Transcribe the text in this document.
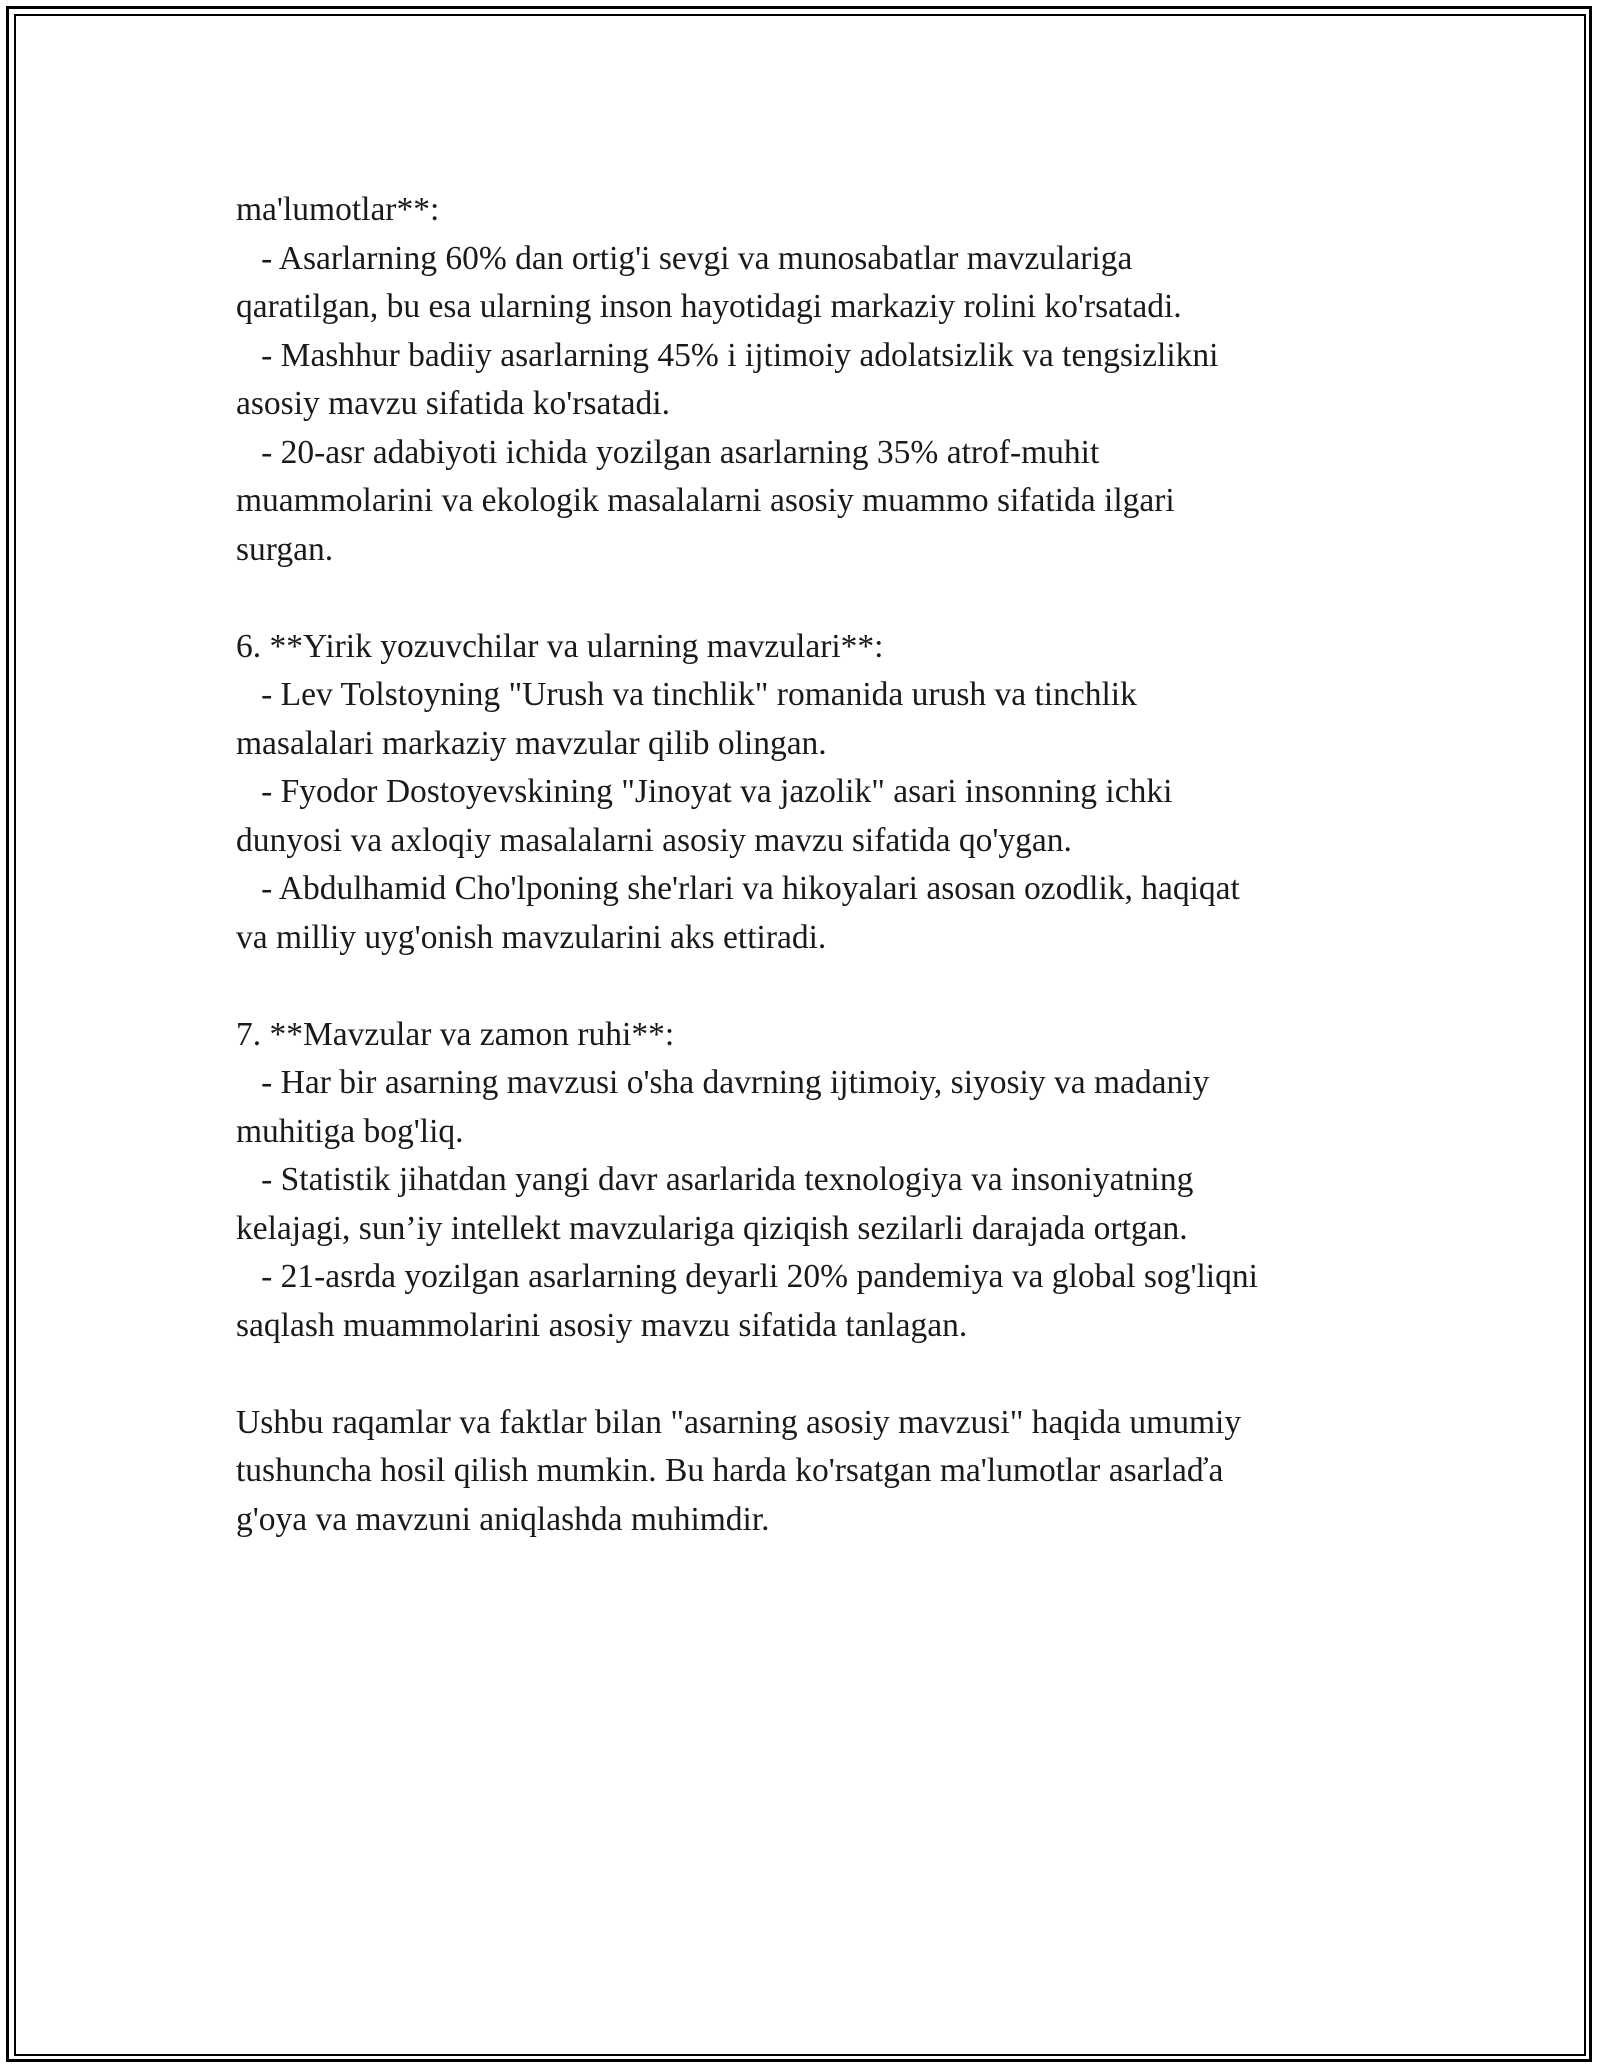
ma'lumotlar**:
- Asarlarning 60% dan ortig'i sevgi va munosabatlar mavzulariga
qaratilgan, bu esa ularning inson hayotidagi markaziy rolini ko'rsatadi.
- Mashhur badiiy asarlarning 45% i ijtimoiy adolatsizlik va tengsizlikni
asosiy mavzu sifatida ko'rsatadi.
- 20-asr adabiyoti ichida yozilgan asarlarning 35% atrof-muhit
muammolarini va ekologik masalalarni asosiy muammo sifatida ilgari
surgan.
6. **Yirik yozuvchilar va ularning mavzulari**:
- Lev Tolstoyning "Urush va tinchlik" romanida urush va tinchlik
masalalari markaziy mavzular qilib olingan.
- Fyodor Dostoyevskining "Jinoyat va jazolik" asari insonning ichki
dunyosi va axloqiy masalalarni asosiy mavzu sifatida qo'ygan.
- Abdulhamid Cho'lponing she'rlari va hikoyalari asosan ozodlik, haqiqat
va milliy uyg'onish mavzularini aks ettiradi.
7. **Mavzular va zamon ruhi**:
- Har bir asarning mavzusi o'sha davrning ijtimoiy, siyosiy va madaniy
muhitiga bog'liq.
- Statistik jihatdan yangi davr asarlarida texnologiya va insoniyatning
kelajagi, sun’iy intellekt mavzulariga qiziqish sezilarli darajada ortgan.
- 21-asrda yozilgan asarlarning deyarli 20% pandemiya va global sog'liqni
saqlash muammolarini asosiy mavzu sifatida tanlagan.
Ushbu raqamlar va faktlar bilan "asarning asosiy mavzusi" haqida umumiy
tushuncha hosil qilish mumkin. Bu harda ko'rsatgan ma'lumotlar asarlaďa
g'oya va mavzuni aniqlashda muhimdir.
